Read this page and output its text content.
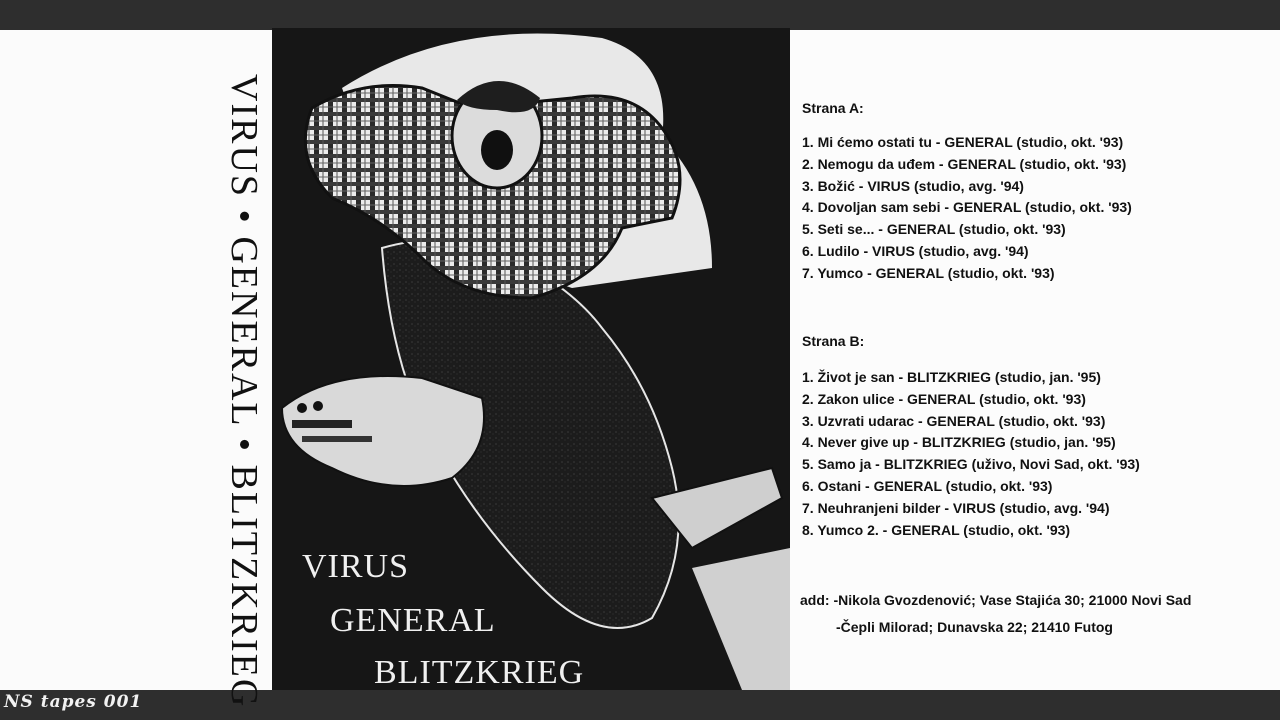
VIRUS • GENERAL • BLITZKRIEG
NS tapes 001
VIRUS
GENERAL
BLITZKRIEG
Strana A:
1. Mi ćemo ostati tu - GENERAL (studio, okt. '93)
2. Nemogu da uđem - GENERAL (studio, okt. '93)
3. Božić - VIRUS (studio, avg. '94)
4. Dovoljan sam sebi - GENERAL (studio, okt. '93)
5. Seti se... - GENERAL (studio, okt. '93)
6. Ludilo - VIRUS (studio, avg. '94)
7. Yumco - GENERAL (studio, okt. '93)
Strana B:
1. Život je san - BLITZKRIEG (studio, jan. '95)
2. Zakon ulice - GENERAL (studio, okt. '93)
3. Uzvrati udarac - GENERAL (studio, okt. '93)
4. Never give up - BLITZKRIEG (studio, jan. '95)
5. Samo ja - BLITZKRIEG (uživo, Novi Sad, okt. '93)
6. Ostani - GENERAL (studio, okt. '93)
7. Neuhranjeni bilder - VIRUS (studio, avg. '94)
8. Yumco 2. - GENERAL (studio, okt. '93)
add: -Nikola Gvozdenović; Vase Stajića 30; 21000 Novi Sad
-Čepli Milorad; Dunavska 22; 21410 Futog
